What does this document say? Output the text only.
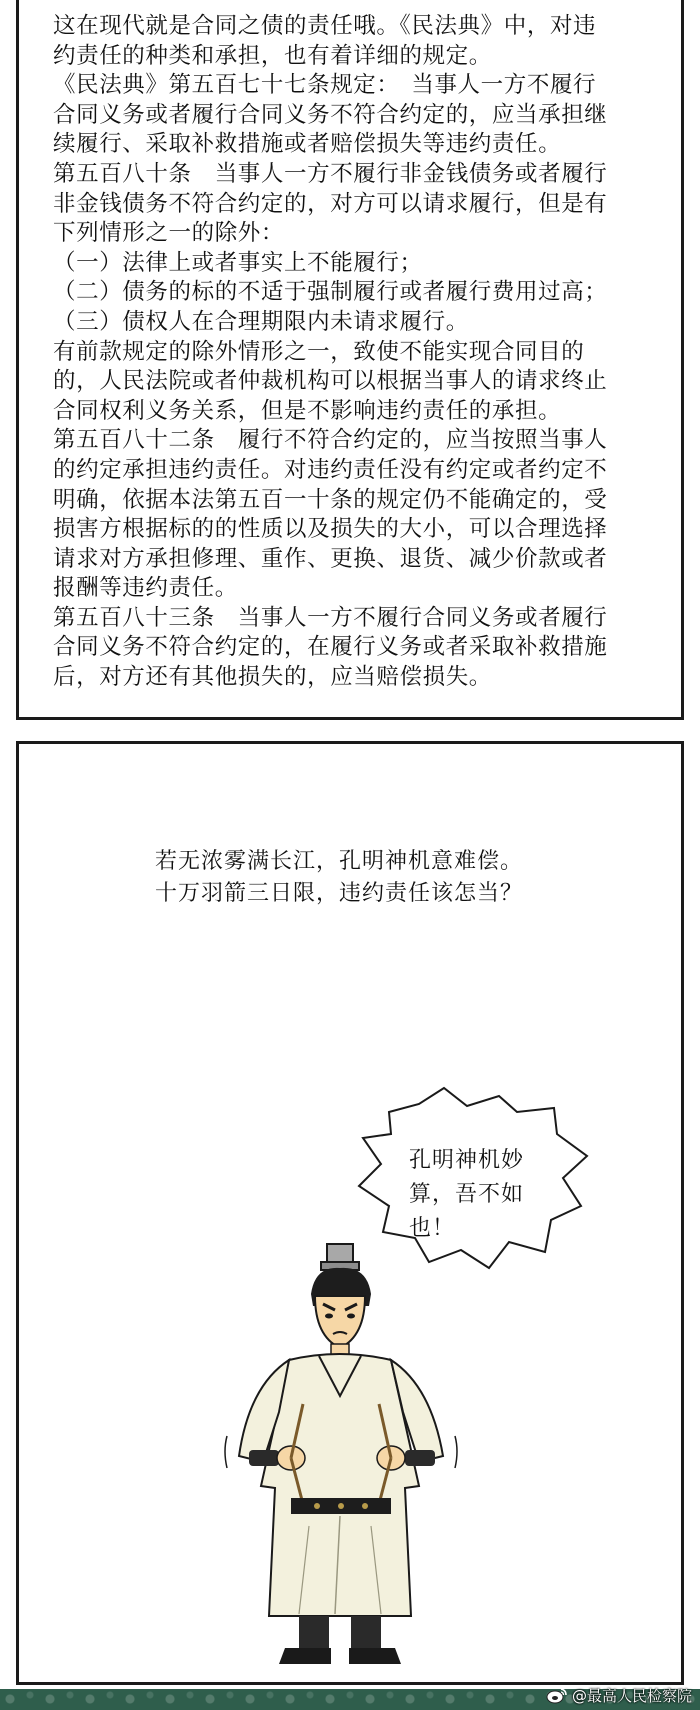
这在现代就是合同之债的责任哦。《民法典》中，对违

约责任的种类和承担，也有着详细的规定。

《民法典》第五百七十七条规定：　当事人一方不履行

合同义务或者履行合同义务不符合约定的，应当承担继

续履行、采取补救措施或者赔偿损失等违约责任。

第五百八十条　当事人一方不履行非金钱债务或者履行

非金钱债务不符合约定的，对方可以请求履行，但是有

下列情形之一的除外：

（一）法律上或者事实上不能履行；

（二）债务的标的不适于强制履行或者履行费用过高；

（三）债权人在合理期限内未请求履行。

有前款规定的除外情形之一，致使不能实现合同目的

的，人民法院或者仲裁机构可以根据当事人的请求终止

合同权利义务关系，但是不影响违约责任的承担。

第五百八十二条　履行不符合约定的，应当按照当事人

的约定承担违约责任。对违约责任没有约定或者约定不

明确，依据本法第五百一十条的规定仍不能确定的，受

损害方根据标的的性质以及损失的大小，可以合理选择

请求对方承担修理、重作、更换、退货、减少价款或者

报酬等违约责任。

第五百八十三条　当事人一方不履行合同义务或者履行

合同义务不符合约定的，在履行义务或者采取补救措施

后，对方还有其他损失的，应当赔偿损失。

若无浓雾满长江，孔明神机意难偿。

十万羽箭三日限，违约责任该怎当？

孔明神机妙

算，吾不如

也！

@最高人民检察院
